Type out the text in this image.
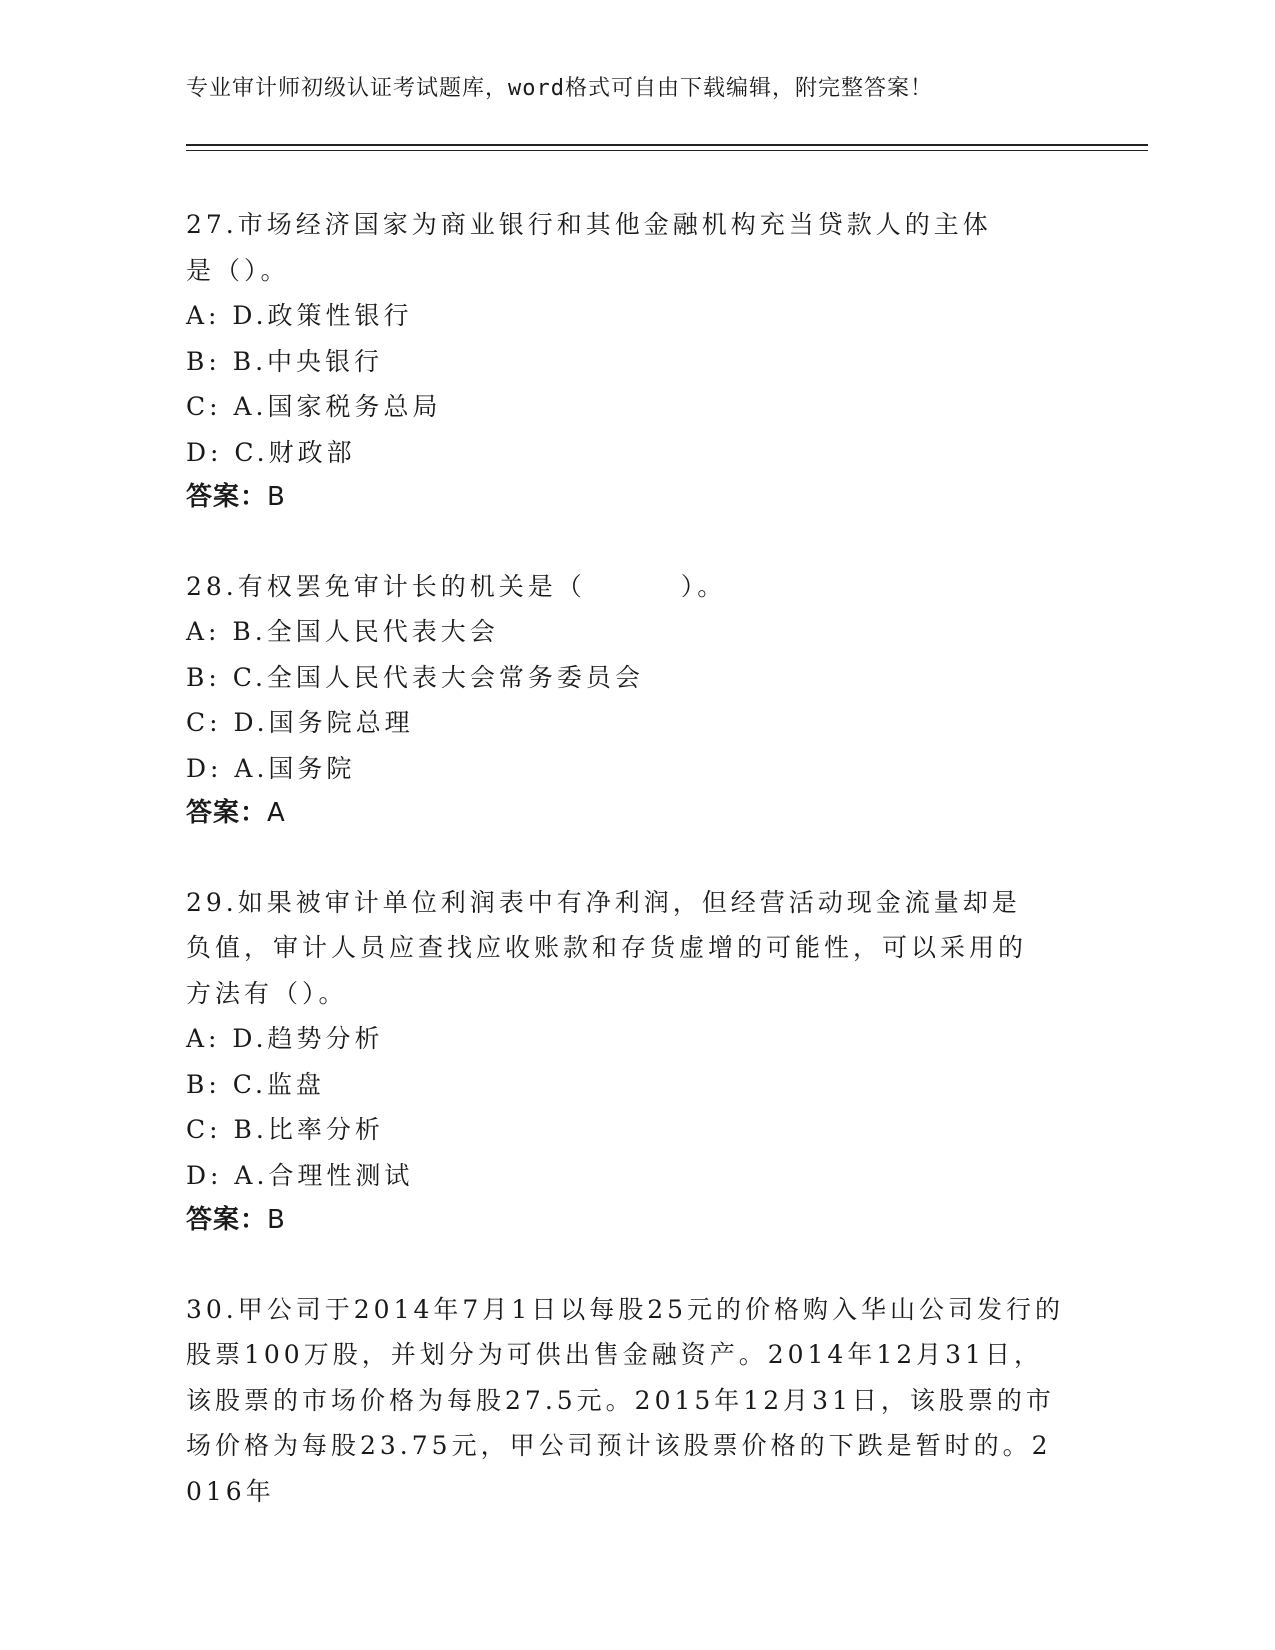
专业审计师初级认证考试题库，word格式可自由下载编辑，附完整答案！
27.市场经济国家为商业银行和其他金融机构充当贷款人的主体是（）。
A: D.政策性银行
B: B.中央银行
C: A.国家税务总局
D: C.财政部
答案：B
28.有权罢免审计长的机关是（	）。
A: B.全国人民代表大会
B: C.全国人民代表大会常务委员会
C: D.国务院总理
D: A.国务院
答案：A
29.如果被审计单位利润表中有净利润，但经营活动现金流量却是负值，审计人员应查找应收账款和存货虚增的可能性，可以采用的方法有（）。
A: D.趋势分析
B: C.监盘
C: B.比率分析
D: A.合理性测试
答案：B
30.甲公司于2014年7月1日以每股25元的价格购入华山公司发行的股票100万股，并划分为可供出售金融资产。2014年12月31日，该股票的市场价格为每股27.5元。2015年12月31日，该股票的市场价格为每股23.75元，甲公司预计该股票价格的下跌是暂时的。2016年
